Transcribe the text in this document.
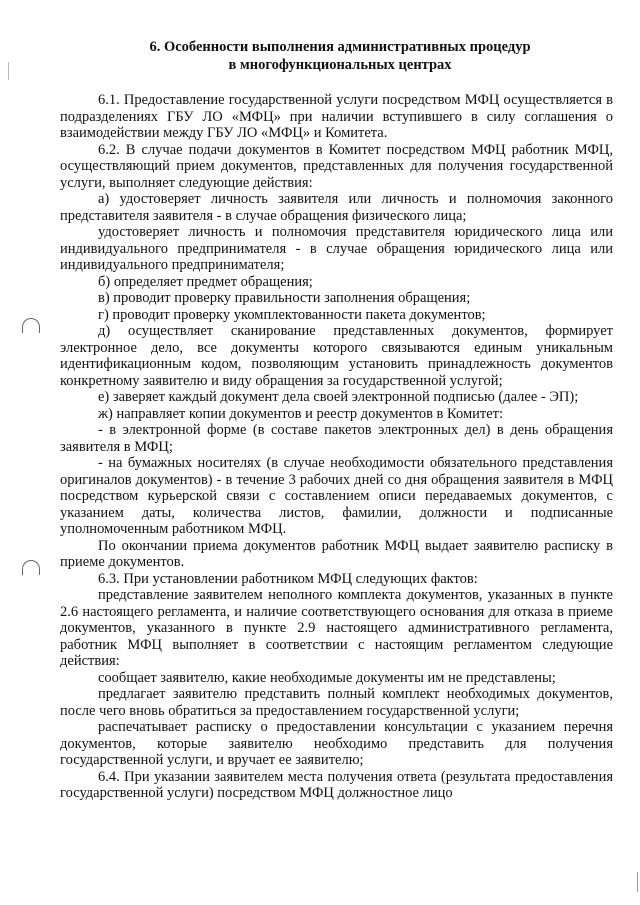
6. Особенности выполнения административных процедур
в многофункциональных центрах

6.1. Предоставление государственной услуги посредством МФЦ осуществляется в подразделениях ГБУ ЛО «МФЦ» при наличии вступившего в силу соглашения о взаимодействии между ГБУ ЛО «МФЦ» и Комитета.

6.2. В случае подачи документов в Комитет посредством МФЦ работник МФЦ, осуществляющий прием документов, представленных для получения государственной услуги, выполняет следующие действия:

а) удостоверяет личность заявителя или личность и полномочия законного представителя заявителя - в случае обращения физического лица;

удостоверяет личность и полномочия представителя юридического лица или индивидуального предпринимателя - в случае обращения юридического лица или индивидуального предпринимателя;

б) определяет предмет обращения;

в) проводит проверку правильности заполнения обращения;

г) проводит проверку укомплектованности пакета документов;

д) осуществляет сканирование представленных документов, формирует электронное дело, все документы которого связываются единым уникальным идентификационным кодом, позволяющим установить принадлежность документов конкретному заявителю и виду обращения за государственной услугой;

е) заверяет каждый документ дела своей электронной подписью (далее - ЭП);

ж) направляет копии документов и реестр документов в Комитет:

- в электронной форме (в составе пакетов электронных дел) в день обращения заявителя в МФЦ;

- на бумажных носителях (в случае необходимости обязательного представления оригиналов документов) - в течение 3 рабочих дней со дня обращения заявителя в МФЦ посредством курьерской связи с составлением описи передаваемых документов, с указанием даты, количества листов, фамилии, должности и подписанные уполномоченным работником МФЦ.

По окончании приема документов работник МФЦ выдает заявителю расписку в приеме документов.

6.3. При установлении работником МФЦ следующих фактов:

представление заявителем неполного комплекта документов, указанных в пункте 2.6 настоящего регламента, и наличие соответствующего основания для отказа в приеме документов, указанного в пункте 2.9 настоящего административного регламента, работник МФЦ выполняет в соответствии с настоящим регламентом следующие действия:

сообщает заявителю, какие необходимые документы им не представлены;

предлагает заявителю представить полный комплект необходимых документов, после чего вновь обратиться за предоставлением государственной услуги;

распечатывает расписку о предоставлении консультации с указанием перечня документов, которые заявителю необходимо представить для получения государственной услуги, и вручает ее заявителю;

6.4. При указании заявителем места получения ответа (результата предоставления государственной услуги) посредством МФЦ должностное лицо
